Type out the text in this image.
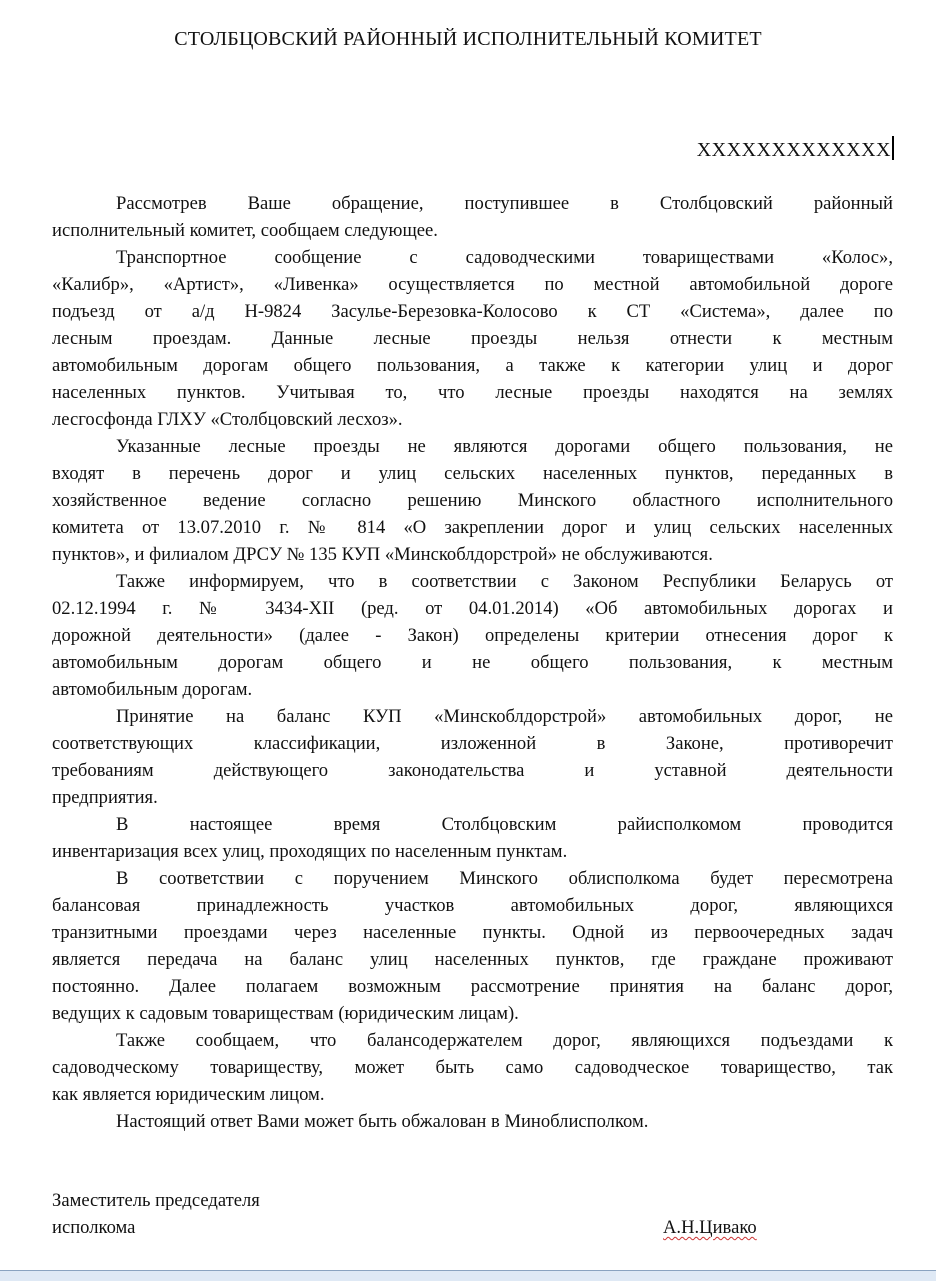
СТОЛБЦОВСКИЙ РАЙОННЫЙ ИСПОЛНИТЕЛЬНЫЙ КОМИТЕТ
ХХХХХХХХХХХХХ
Рассмотрев Ваше обращение, поступившее в Столбцовский районный
исполнительный комитет, сообщаем следующее.
Транспортное сообщение с садоводческими товариществами «Колос»,
«Калибр», «Артист», «Ливенка» осуществляется по местной автомобильной дороге
подъезд от а/д Н-9824 Засулье-Березовка-Колосово к СТ «Система», далее по
лесным проездам. Данные лесные проезды нельзя отнести к местным
автомобильным дорогам общего пользования, а также к категории улиц и дорог
населенных пунктов. Учитывая то, что лесные проезды находятся на землях
лесгосфонда ГЛХУ «Столбцовский лесхоз».
Указанные лесные проезды не являются дорогами общего пользования, не
входят в перечень дорог и улиц сельских населенных пунктов, переданных в
хозяйственное ведение согласно решению Минского областного исполнительного
комитета от 13.07.2010 г. № 814 «О закреплении дорог и улиц сельских населенных
пунктов», и филиалом ДРСУ № 135 КУП «Минскоблдорстрой» не обслуживаются.
Также информируем, что в соответствии с Законом Республики Беларусь от
02.12.1994 г. № 3434-XII (ред. от 04.01.2014) «Об автомобильных дорогах и
дорожной деятельности» (далее - Закон) определены критерии отнесения дорог к
автомобильным дорогам общего и не общего пользования, к местным
автомобильным дорогам.
Принятие на баланс КУП «Минскоблдорстрой» автомобильных дорог, не
соответствующих классификации, изложенной в Законе, противоречит
требованиям действующего законодательства и уставной деятельности
предприятия.
В настоящее время Столбцовским райисполкомом проводится
инвентаризация всех улиц, проходящих по населенным пунктам.
В соответствии с поручением Минского облисполкома будет пересмотрена
балансовая принадлежность участков автомобильных дорог, являющихся
транзитными проездами через населенные пункты. Одной из первоочередных задач
является передача на баланс улиц населенных пунктов, где граждане проживают
постоянно. Далее полагаем возможным рассмотрение принятия на баланс дорог,
ведущих к садовым товариществам (юридическим лицам).
Также сообщаем, что балансодержателем дорог, являющихся подъездами к
садоводческому товариществу, может быть само садоводческое товарищество, так
как является юридическим лицом.
Настоящий ответ Вами может быть обжалован в Миноблисполком.
Заместитель председателя
исполкома	А.Н.Цивако
